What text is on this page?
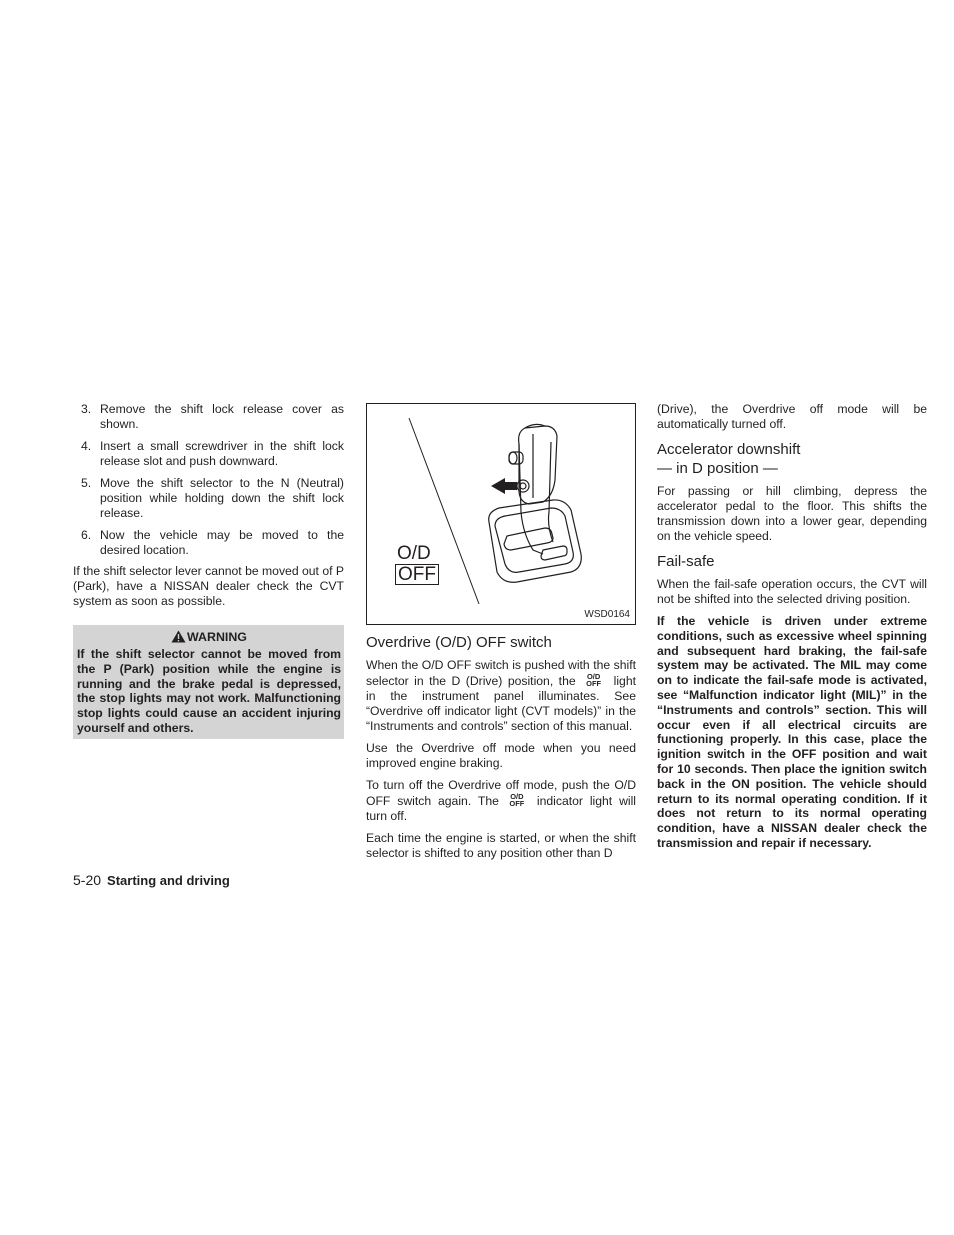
3. Remove the shift lock release cover as shown.
4. Insert a small screwdriver in the shift lock release slot and push downward.
5. Move the shift selector to the N (Neutral) position while holding down the shift lock release.
6. Now the vehicle may be moved to the desired location.

If the shift selector lever cannot be moved out of P (Park), have a NISSAN dealer check the CVT system as soon as possible.

WARNING

If the shift selector cannot be moved from the P (Park) position while the engine is running and the brake pedal is depressed, the stop lights may not work. Malfunctioning stop lights could cause an accident injuring yourself and others.

O/D
OFF
WSD0164
Overdrive (O/D) OFF switch

When the O/D OFF switch is pushed with the shift selector in the D (Drive) position, the O/D
OFF light in the instrument panel illuminates. See “Overdrive off indicator light (CVT models)” in the “Instruments and controls” section of this manual.

Use the Overdrive off mode when you need improved engine braking.

To turn off the Overdrive off mode, push the O/D OFF switch again. The O/D
OFF indicator light will turn off.

Each time the engine is started, or when the shift selector is shifted to any position other than D

(Drive), the Overdrive off mode will be automatically turned off.

Accelerator downshift
— in D position —

For passing or hill climbing, depress the accelerator pedal to the floor. This shifts the transmission down into a lower gear, depending on the vehicle speed.

Fail-safe

When the fail-safe operation occurs, the CVT will not be shifted into the selected driving position.

If the vehicle is driven under extreme conditions, such as excessive wheel spinning and subsequent hard braking, the fail-safe system may be activated. The MIL may come on to indicate the fail-safe mode is activated, see “Malfunction indicator light (MIL)” in the “Instruments and controls” section. This will occur even if all electrical circuits are functioning properly. In this case, place the ignition switch in the OFF position and wait for 10 seconds. Then place the ignition switch back in the ON position. The vehicle should return to its normal operating condition. If it does not return to its normal operating condition, have a NISSAN dealer check the transmission and repair if necessary.

5-20 Starting and driving
